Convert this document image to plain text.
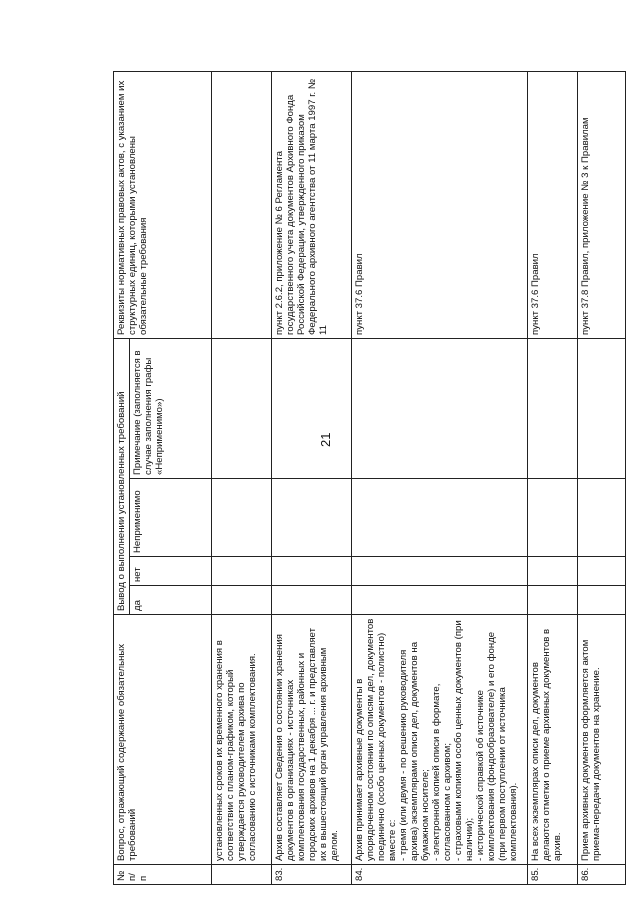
21
№
п/п	Вопрос, отражающий содержание обязательных требований	Вывод о выполнении установленных требований				Реквизиты нормативных правовых актов, с указанием их структурных единиц, которыми установлены обязательные требования
		да	нет	Неприменимо	Примечание (заполняется в случае заполнения графы «Неприменимо»)	
	установленных сроков их временного хранения в соответствии с планом-графиком, который утверждается руководителем архива по согласованию с источниками комплектования.					
83.	Архив составляет Сведения о состоянии хранения документов в организациях - источниках комплектования государственных, районных и городских архивов на 1 декабря ... г. и представляет их в вышестоящий орган управления архивным делом.					пункт 2.6.2, приложение № 6 Регламента государственного учета документов Архивного Фонда Российской Федерации, утвержденного приказом Федерального архивного агентства от 11 марта 1997 г. № 11
84.	Архив принимает архивные документы в упорядоченном состоянии по описям дел, документов поединично (особо ценных документов - полистно) вместе с: - тремя (или двумя - по решению руководителя архива) экземплярами описи дел, документов на бумажном носителе; - электронной копией описи в формате, согласованном с архивом; - страховыми копиями особо ценных документов (при наличии); - исторической справкой об источнике комплектования (фондообразователе) и его фонде (при первом поступлении от источника комплектования).					пункт 37.6 Правил
85.	На всех экземплярах описи дел, документов делаются отметки о приеме архивных документов в архив.					пункт 37.6 Правил
86.	Прием архивных документов оформляется актом приема-передачи документов на хранение.					пункт 37.8 Правил, приложение № 3 к Правилам
